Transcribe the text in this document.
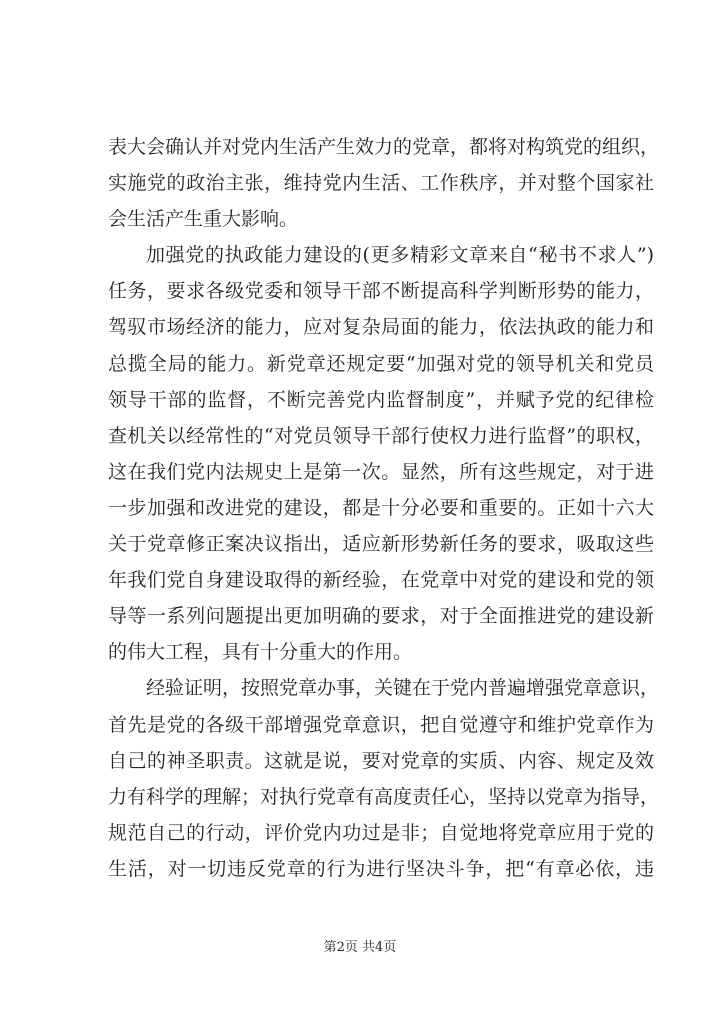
表大会确认并对党内生活产生效力的党章，都将对构筑党的组织，
实施党的政治主张，维持党内生活、工作秩序，并对整个国家社
会生活产生重大影响。
加强党的执政能力建设的(更多精彩文章来自“秘书不求人”)
任务，要求各级党委和领导干部不断提高科学判断形势的能力，
驾驭市场经济的能力，应对复杂局面的能力，依法执政的能力和
总揽全局的能力。新党章还规定要“加强对党的领导机关和党员
领导干部的监督，不断完善党内监督制度”，并赋予党的纪律检
查机关以经常性的“对党员领导干部行使权力进行监督”的职权，
这在我们党内法规史上是第一次。显然，所有这些规定，对于进
一步加强和改进党的建设，都是十分必要和重要的。正如十六大
关于党章修正案决议指出，适应新形势新任务的要求，吸取这些
年我们党自身建设取得的新经验，在党章中对党的建设和党的领
导等一系列问题提出更加明确的要求，对于全面推进党的建设新
的伟大工程，具有十分重大的作用。
经验证明，按照党章办事，关键在于党内普遍增强党章意识，
首先是党的各级干部增强党章意识，把自觉遵守和维护党章作为
自己的神圣职责。这就是说，要对党章的实质、内容、规定及效
力有科学的理解；对执行党章有高度责任心，坚持以党章为指导，
规范自己的行动，评价党内功过是非；自觉地将党章应用于党的
生活，对一切违反党章的行为进行坚决斗争，把“有章必依，违
第2页 共4页
